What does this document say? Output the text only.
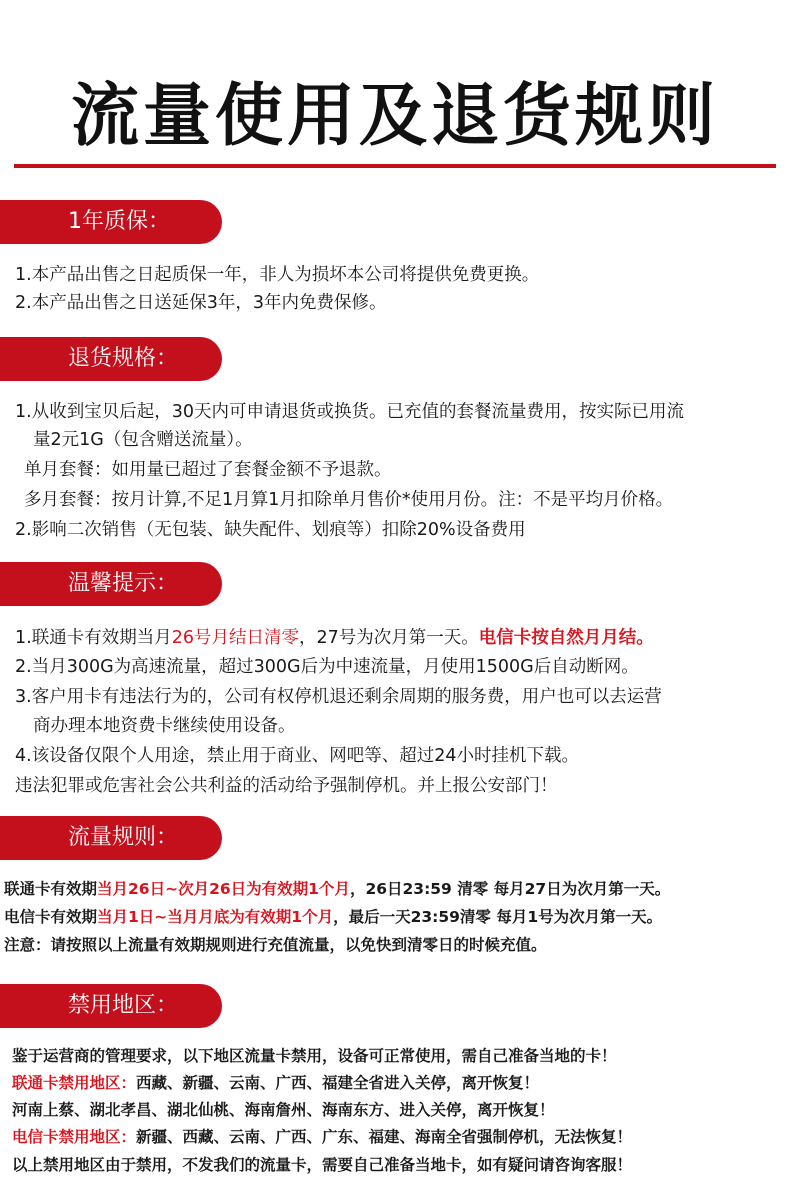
流量使用及退货规则
1年质保：
1.本产品出售之日起质保一年，非人为损坏本公司将提供免费更换。
2.本产品出售之日送延保3年，3年内免费保修。
退货规格：
1.从收到宝贝后起，30天内可申请退货或换货。已充值的套餐流量费用，按实际已用流
量2元1G（包含赠送流量）。
单月套餐：如用量已超过了套餐金额不予退款。
多月套餐：按月计算,不足1月算1月扣除单月售价*使用月份。注：不是平均月价格。
2.影响二次销售（无包装、缺失配件、划痕等）扣除20%设备费用
温馨提示：
1.联通卡有效期当月26号月结日清零，27号为次月第一天。电信卡按自然月月结。
2.当月300G为高速流量，超过300G后为中速流量，月使用1500G后自动断网。
3.客户用卡有违法行为的，公司有权停机退还剩余周期的服务费，用户也可以去运营
商办理本地资费卡继续使用设备。
4.该设备仅限个人用途，禁止用于商业、网吧等、超过24小时挂机下载。
违法犯罪或危害社会公共利益的活动给予强制停机。并上报公安部门！
流量规则：
联通卡有效期当月26日~次月26日为有效期1个月，26日23:59 清零 每月27日为次月第一天。
电信卡有效期当月1日~当月月底为有效期1个月，最后一天23:59清零 每月1号为次月第一天。
注意：请按照以上流量有效期规则进行充值流量，以免快到清零日的时候充值。
禁用地区：
鉴于运营商的管理要求，以下地区流量卡禁用，设备可正常使用，需自己准备当地的卡！
联通卡禁用地区：西藏、新疆、云南、广西、福建全省进入关停，离开恢复！
河南上蔡、湖北孝昌、湖北仙桃、海南詹州、海南东方、进入关停，离开恢复！
电信卡禁用地区：新疆、西藏、云南、广西、广东、福建、海南全省强制停机，无法恢复！
以上禁用地区由于禁用，不发我们的流量卡，需要自己准备当地卡，如有疑问请咨询客服！
